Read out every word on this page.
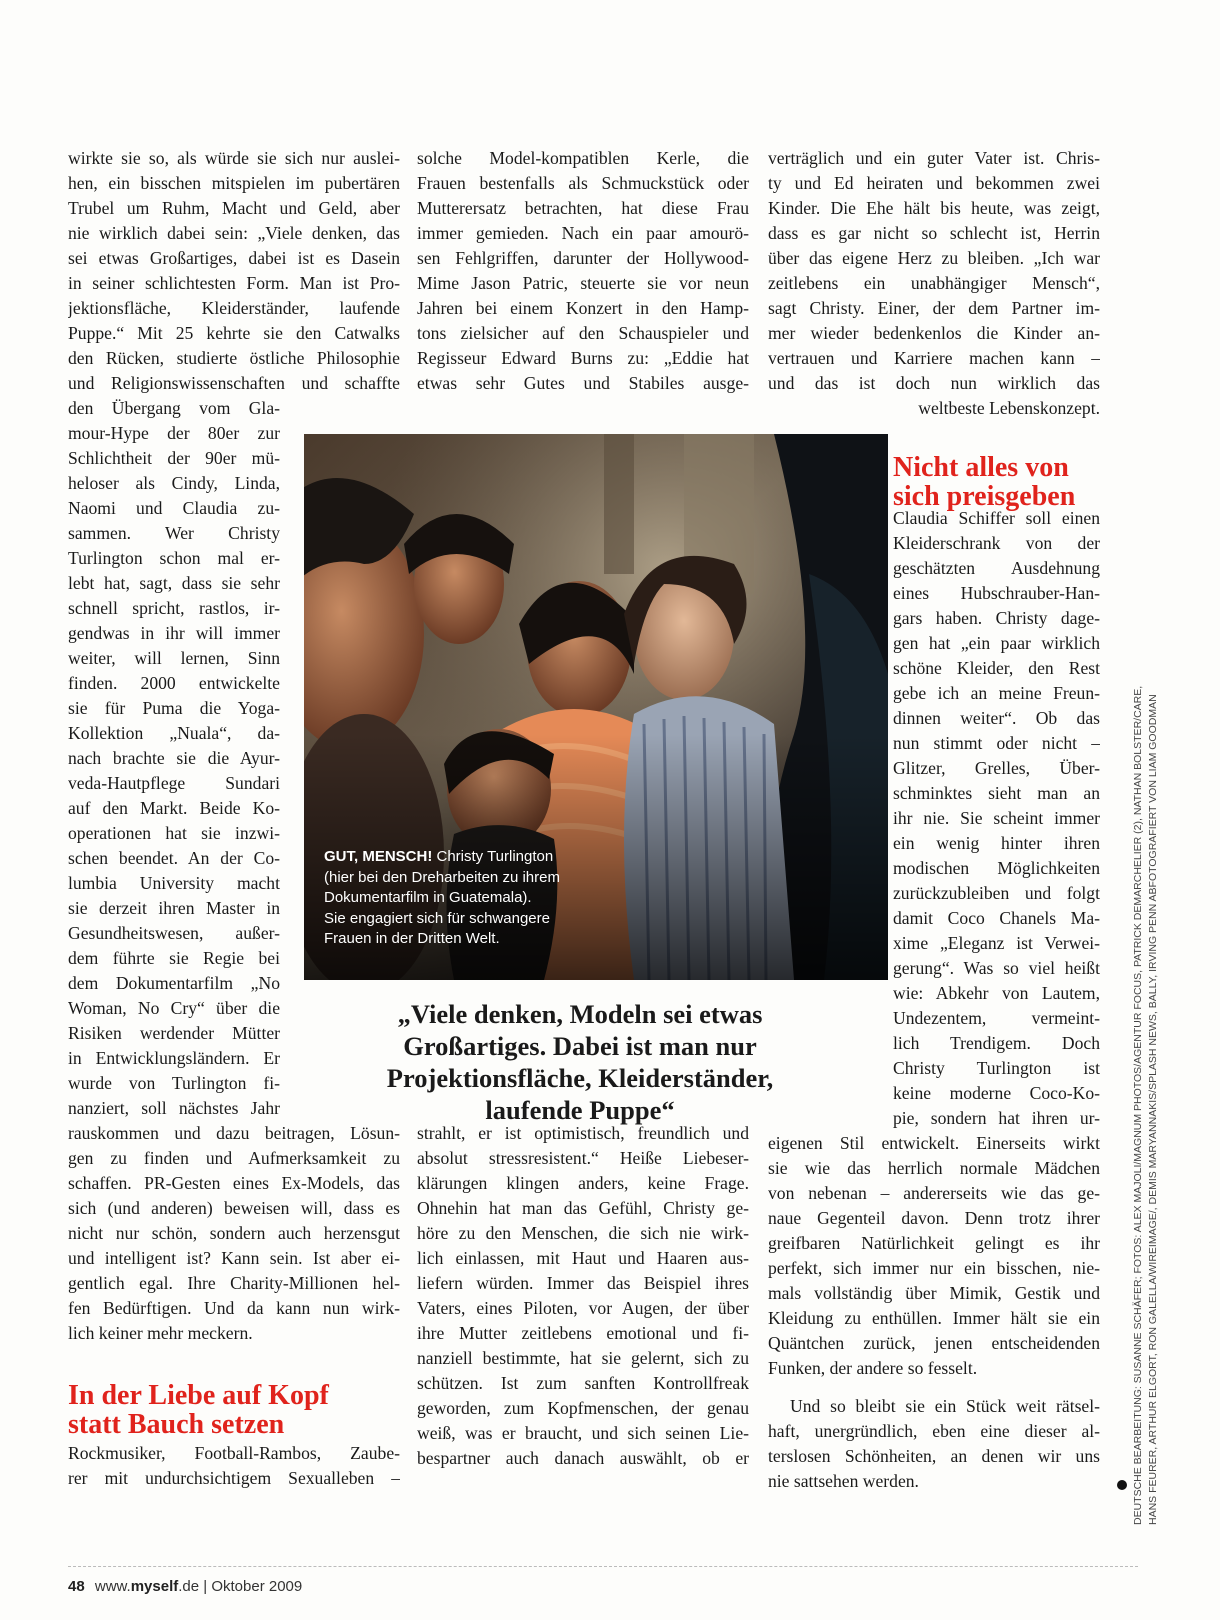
wirkte sie so, als würde sie sich nur auslei-
hen, ein bisschen mitspielen im pubertären
Trubel um Ruhm, Macht und Geld, aber
nie wirklich dabei sein: „Viele denken, das
sei etwas Großartiges, dabei ist es Dasein
in seiner schlichtesten Form. Man ist Pro-
jektionsfläche, Kleiderständer, laufende
Puppe.“ Mit 25 kehrte sie den Catwalks
den Rücken, studierte östliche Philosophie
und Religionswissenschaften und schaffte
den Übergang vom Gla-
mour-Hype der 80er zur
Schlichtheit der 90er mü-
heloser als Cindy, Linda,
Naomi und Claudia zu-
sammen. Wer Christy
Turlington schon mal er-
lebt hat, sagt, dass sie sehr
schnell spricht, rastlos, ir-
gendwas in ihr will immer
weiter, will lernen, Sinn
finden. 2000 entwickelte
sie für Puma die Yoga-
Kollektion „Nuala“, da-
nach brachte sie die Ayur-
veda-Hautpflege Sundari
auf den Markt. Beide Ko-
operationen hat sie inzwi-
schen beendet. An der Co-
lumbia University macht
sie derzeit ihren Master in
Gesundheitswesen, außer-
dem führte sie Regie bei
dem Dokumentarfilm „No
Woman, No Cry“ über die
Risiken werdender Mütter
in Entwicklungsländern. Er
wurde von Turlington fi-
nanziert, soll nächstes Jahr
rauskommen und dazu beitragen, Lösun-
gen zu finden und Aufmerksamkeit zu
schaffen. PR-Gesten eines Ex-Models, das
sich (und anderen) beweisen will, dass es
nicht nur schön, sondern auch herzensgut
und intelligent ist? Kann sein. Ist aber ei-
gentlich egal. Ihre Charity-Millionen hel-
fen Bedürftigen. Und da kann nun wirk-
lich keiner mehr meckern.
In der Liebe auf Kopf
statt Bauch setzen
Rockmusiker, Football-Rambos, Zaube-
rer mit undurchsichtigem Sexualleben –
solche Model-kompatiblen Kerle, die
Frauen bestenfalls als Schmuckstück oder
Mutterersatz betrachten, hat diese Frau
immer gemieden. Nach ein paar amourö-
sen Fehlgriffen, darunter der Hollywood-
Mime Jason Patric, steuerte sie vor neun
Jahren bei einem Konzert in den Hamp-
tons zielsicher auf den Schauspieler und
Regisseur Edward Burns zu: „Eddie hat
etwas sehr Gutes und Stabiles ausge-
strahlt, er ist optimistisch, freundlich und
absolut stressresistent.“ Heiße Liebeser-
klärungen klingen anders, keine Frage.
Ohnehin hat man das Gefühl, Christy ge-
höre zu den Menschen, die sich nie wirk-
lich einlassen, mit Haut und Haaren aus-
liefern würden. Immer das Beispiel ihres
Vaters, eines Piloten, vor Augen, der über
ihre Mutter zeitlebens emotional und fi-
nanziell bestimmte, hat sie gelernt, sich zu
schützen. Ist zum sanften Kontrollfreak
geworden, zum Kopfmenschen, der genau
weiß, was er braucht, und sich seinen Lie-
bespartner auch danach auswählt, ob er
verträglich und ein guter Vater ist. Chris-
ty und Ed heiraten und bekommen zwei
Kinder. Die Ehe hält bis heute, was zeigt,
dass es gar nicht so schlecht ist, Herrin
über das eigene Herz zu bleiben. „Ich war
zeitlebens ein unabhängiger Mensch“,
sagt Christy. Einer, der dem Partner im-
mer wieder bedenkenlos die Kinder an-
vertrauen und Karriere machen kann –
und das ist doch nun wirklich das
weltbeste Lebenskonzept.
Nicht alles von
sich preisgeben
Claudia Schiffer soll einen
Kleiderschrank von der
geschätzten Ausdehnung
eines Hubschrauber-Han-
gars haben. Christy dage-
gen hat „ein paar wirklich
schöne Kleider, den Rest
gebe ich an meine Freun-
dinnen weiter“. Ob das
nun stimmt oder nicht –
Glitzer, Grelles, Über-
schminktes sieht man an
ihr nie. Sie scheint immer
ein wenig hinter ihren
modischen Möglichkeiten
zurückzubleiben und folgt
damit Coco Chanels Ma-
xime „Eleganz ist Verwei-
gerung“. Was so viel heißt
wie: Abkehr von Lautem,
Undezentem, vermeint-
lich Trendigem. Doch
Christy Turlington ist
keine moderne Coco-Ko-
pie, sondern hat ihren ur-
eigenen Stil entwickelt. Einerseits wirkt
sie wie das herrlich normale Mädchen
von nebenan – andererseits wie das ge-
naue Gegenteil davon. Denn trotz ihrer
greifbaren Natürlichkeit gelingt es ihr
perfekt, sich immer nur ein bisschen, nie-
mals vollständig über Mimik, Gestik und
Kleidung zu enthüllen. Immer hält sie ein
Quäntchen zurück, jenen entscheidenden
Funken, der andere so fesselt.
Und so bleibt sie ein Stück weit rätsel-
haft, unergründlich, eben eine dieser al-
terslosen Schönheiten, an denen wir uns
nie sattsehen werden.
GUT, MENSCH! Christy Turlington
(hier bei den Dreharbeiten zu ihrem
Dokumentarfilm in Guatemala).
Sie engagiert sich für schwangere
Frauen in der Dritten Welt.
„Viele denken, Modeln sei etwas
Großartiges. Dabei ist man nur
Projektionsfläche, Kleiderständer,
laufende Puppe“	DEUTSCHE BEARBEITUNG: SUSANNE SCHÄFER; FOTOS: ALEX MAJOLI/MAGNUM PHOTOS/AGENTUR FOCUS, PATRICK DEMARCHELIER (2), NATHAN BOLSTER/CARE, HANS FEURER, ARTHUR ELGORT, RON GALELLA/WIREIMAGE/, DEMIS MARYANNAKIS/SPLASH NEWS, BALLY, IRVING PENN ABFOTOGRAFIERT VON LIAM GOODMAN
48 www.myself.de | Oktober 2009
